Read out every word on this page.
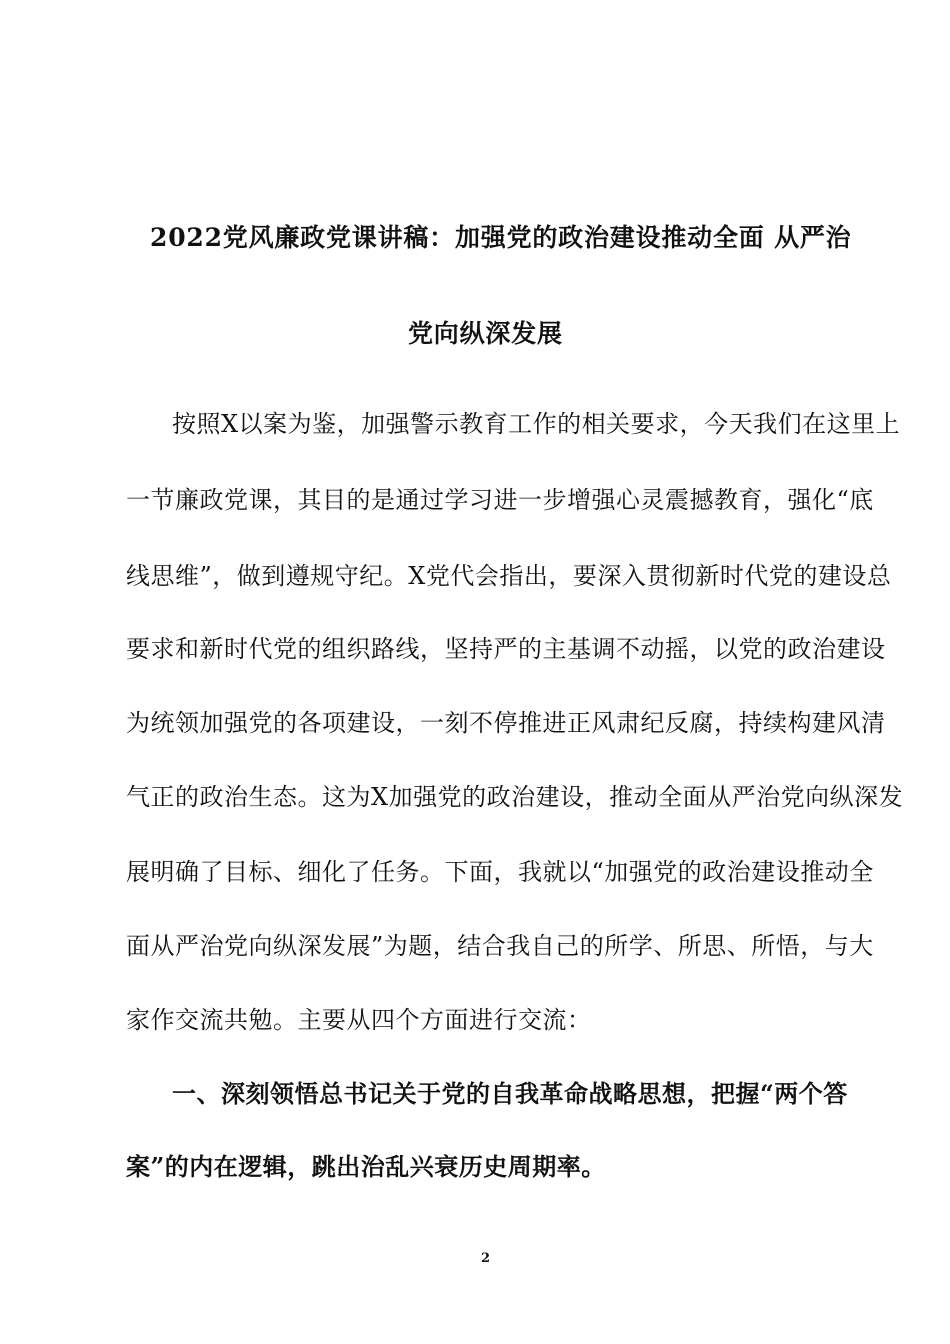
2022党风廉政党课讲稿：加强党的政治建设推动全面 从严治
党向纵深发展
按照X以案为鉴，加强警示教育工作的相关要求，今天我们在这里上
一节廉政党课，其目的是通过学习进一步增强心灵震撼教育，强化“底
线思维”，做到遵规守纪。X党代会指出，要深入贯彻新时代党的建设总
要求和新时代党的组织路线，坚持严的主基调不动摇，以党的政治建设
为统领加强党的各项建设，一刻不停推进正风肃纪反腐，持续构建风清
气正的政治生态。这为X加强党的政治建设，推动全面从严治党向纵深发
展明确了目标、细化了任务。下面，我就以“加强党的政治建设推动全
面从严治党向纵深发展”为题，结合我自己的所学、所思、所悟，与大
家作交流共勉。主要从四个方面进行交流：
一、深刻领悟总书记关于党的自我革命战略思想，把握“两个答
案”的内在逻辑，跳出治乱兴衰历史周期率。
2
